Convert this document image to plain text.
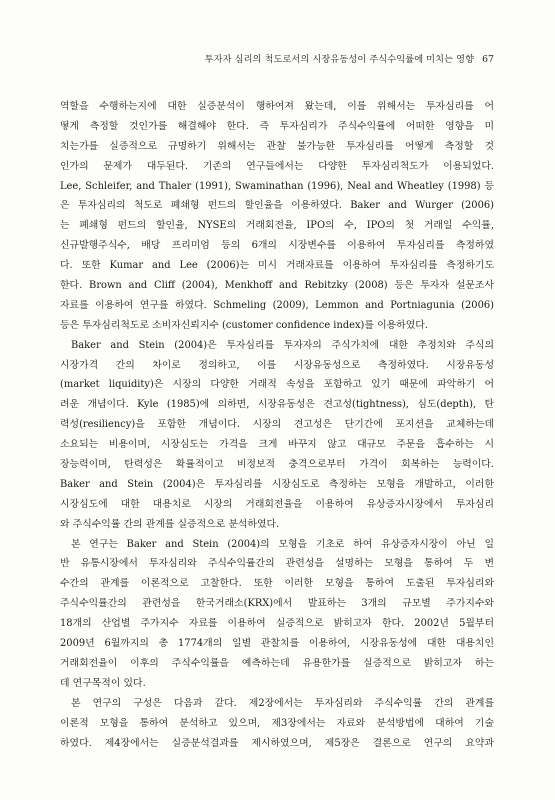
투자자 심리의 척도로서의 시장유동성이 주식수익률에 미치는 영향 67
역할을 수행하는지에 대한 실증분석이 행하여져 왔는데, 이를 위해서는 투자심리를 어
떻게 측정할 것인가를 해결해야 한다. 즉 투자심리가 주식수익률에 어떠한 영향을 미
치는가를 실증적으로 규명하기 위해서는 관찰 불가능한 투자심리를 어떻게 측정할 것
인가의 문제가 대두된다. 기존의 연구들에서는 다양한 투자심리척도가 이용되었다.
Lee, Schleifer, and Thaler (1991), Swaminathan (1996), Neal and Wheatley (1998) 등
은 투자심리의 척도로 폐쇄형 펀드의 할인율을 이용하였다. Baker and Wurger (2006)
는 폐쇄형 펀드의 할인율, NYSE의 거래회전율, IPO의 수, IPO의 첫 거래일 수익률,
신규발행주식수, 배당 프리미엄 등의 6개의 시장변수를 이용하여 투자심리를 측정하였
다. 또한 Kumar and Lee (2006)는 미시 거래자료를 이용하여 투자심리를 측정하기도
한다. Brown and Cliff (2004), Menkhoff and Rebitzky (2008) 등은 투자자 설문조사
자료를 이용하여 연구를 하였다. Schmeling (2009), Lemmon and Portniagunia (2006)
등은 투자심리척도로 소비자신뢰지수 (customer confidence index)를 이용하였다.
Baker and Stein (2004)은 투자심리를 투자자의 주식가치에 대한 추정치와 주식의
시장가격 간의 차이로 정의하고, 이를 시장유동성으로 측정하였다. 시장유동성
(market liquidity)은 시장의 다양한 거래적 속성을 포함하고 있기 때문에 파악하기 어
려운 개념이다. Kyle (1985)에 의하면, 시장유동성은 견고성(tightness), 심도(depth), 탄
력성(resiliency)을 포함한 개념이다. 시장의 견고성은 단기간에 포지션을 교체하는데
소요되는 비용이며, 시장심도는 가격을 크게 바꾸지 않고 대규모 주문을 흡수하는 시
장능력이며, 탄력성은 확률적이고 비정보적 충격으로부터 가격이 회복하는 능력이다.
Baker and Stein (2004)은 투자심리를 시장심도로 측정하는 모형을 개발하고, 이러한
시장심도에 대한 대용치로 시장의 거래회전율을 이용하여 유상증자시장에서 투자심리
와 주식수익률 간의 관계를 실증적으로 분석하였다.
본 연구는 Baker and Stein (2004)의 모형을 기초로 하여 유상증자시장이 아닌 일
반 유통시장에서 투자심리와 주식수익률간의 관련성을 설명하는 모형을 통하여 두 변
수간의 관계를 이론적으로 고찰한다. 또한 이러한 모형을 통하여 도출된 투자심리와
주식수익률간의 관련성을 한국거래소(KRX)에서 발표하는 3개의 규모별 주가지수와
18개의 산업별 주가지수 자료를 이용하여 실증적으로 밝히고자 한다. 2002년 5월부터
2009년 6월까지의 총 1774개의 일별 관찰치를 이용하여, 시장유동성에 대한 대용치인
거래회전율이 이후의 주식수익률을 예측하는데 유용한가를 실증적으로 밝히고자 하는
데 연구목적이 있다.
본 연구의 구성은 다음과 같다. 제2장에서는 투자심리와 주식수익률 간의 관계를
이론적 모형을 통하여 분석하고 있으며, 제3장에서는 자료와 분석방법에 대하여 기술
하였다. 제4장에서는 실증분석결과를 제시하였으며, 제5장은 결론으로 연구의 요약과
